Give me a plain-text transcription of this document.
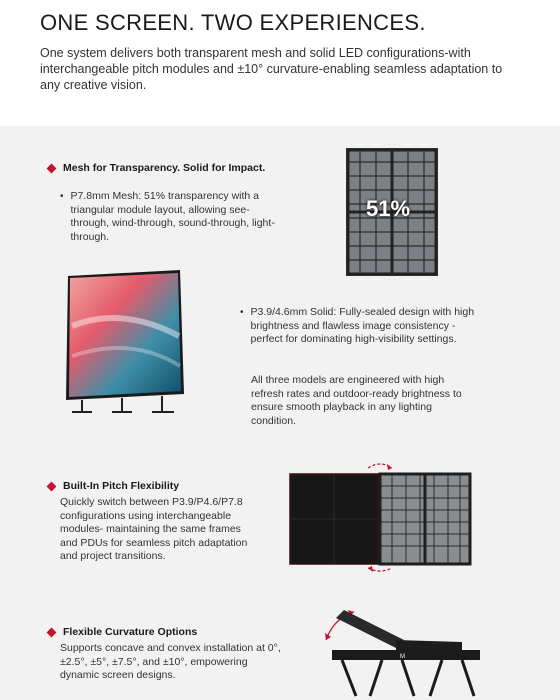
ONE SCREEN. TWO EXPERIENCES.

One system delivers both transparent mesh and solid LED configurations-with interchangeable pitch modules and ±10° curvature-enabling seamless adaptation to any creative vision.

Mesh for Transparency. Solid for Impact.
• P7.8mm Mesh: 51% transparency with a triangular module layout, allowing see-through, wind-through, sound-through, light-through.
51%
• P3.9/4.6mm Solid: Fully-sealed design with high brightness and flawless image consistency - perfect for dominating high-visibility settings.
All three models are engineered with high refresh rates and outdoor-ready brightness to ensure smooth playback in any lighting condition.
Built-In Pitch Flexibility
Quickly switch between P3.9/P4.6/P7.8 configurations using interchangeable modules- maintaining the same frames and PDUs for seamless pitch adaptation and project transitions.
Flexible Curvature Options
Supports concave and convex installation at 0°, ±2.5°, ±5°, ±7.5°, and ±10°, empowering dynamic screen designs.
M
